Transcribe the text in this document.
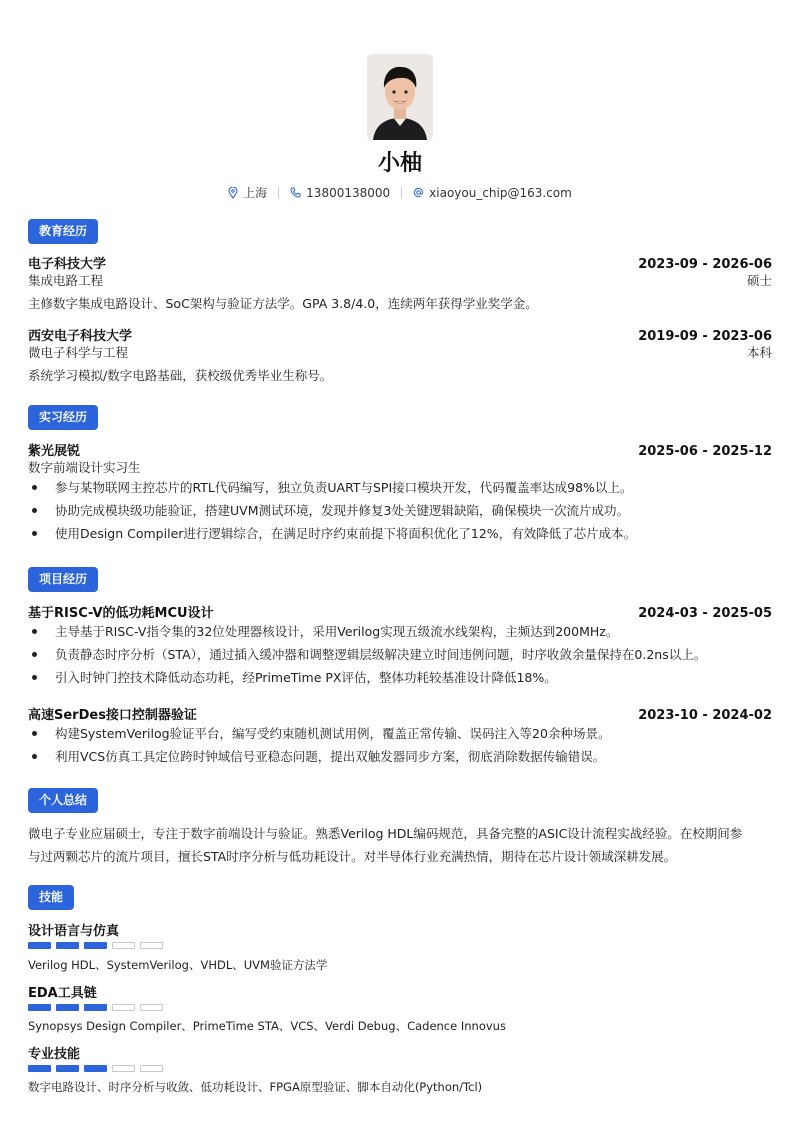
小柚
上海	13800138000	xiaoyou_chip@163.com
教育经历
电子科技大学	2023-09 - 2026-06
集成电路工程	硕士
主修数字集成电路设计、SoC架构与验证方法学。GPA 3.8/4.0，连续两年获得学业奖学金。
西安电子科技大学	2019-09 - 2023-06
微电子科学与工程	本科
系统学习模拟/数字电路基础，获校级优秀毕业生称号。
实习经历
紫光展锐	2025-06 - 2025-12
数字前端设计实习生
参与某物联网主控芯片的RTL代码编写，独立负责UART与SPI接口模块开发，代码覆盖率达成98%以上。
协助完成模块级功能验证，搭建UVM测试环境，发现并修复3处关键逻辑缺陷，确保模块一次流片成功。
使用Design Compiler进行逻辑综合，在满足时序约束前提下将面积优化了12%，有效降低了芯片成本。
项目经历
基于RISC-V的低功耗MCU设计	2024-03 - 2025-05
主导基于RISC-V指令集的32位处理器核设计，采用Verilog实现五级流水线架构，主频达到200MHz。
负责静态时序分析（STA），通过插入缓冲器和调整逻辑层级解决建立时间违例问题，时序收敛余量保持在0.2ns以上。
引入时钟门控技术降低动态功耗，经PrimeTime PX评估，整体功耗较基准设计降低18%。
高速SerDes接口控制器验证	2023-10 - 2024-02
构建SystemVerilog验证平台，编写受约束随机测试用例，覆盖正常传输、误码注入等20余种场景。
利用VCS仿真工具定位跨时钟域信号亚稳态问题，提出双触发器同步方案，彻底消除数据传输错误。
个人总结
微电子专业应届硕士，专注于数字前端设计与验证。熟悉Verilog HDL编码规范，具备完整的ASIC设计流程实战经验。在校期间参
与过两颗芯片的流片项目，擅长STA时序分析与低功耗设计。对半导体行业充满热情，期待在芯片设计领域深耕发展。
技能
设计语言与仿真
Verilog HDL、SystemVerilog、VHDL、UVM验证方法学
EDA工具链
Synopsys Design Compiler、PrimeTime STA、VCS、Verdi Debug、Cadence Innovus
专业技能
数字电路设计、时序分析与收敛、低功耗设计、FPGA原型验证、脚本自动化(Python/Tcl)
